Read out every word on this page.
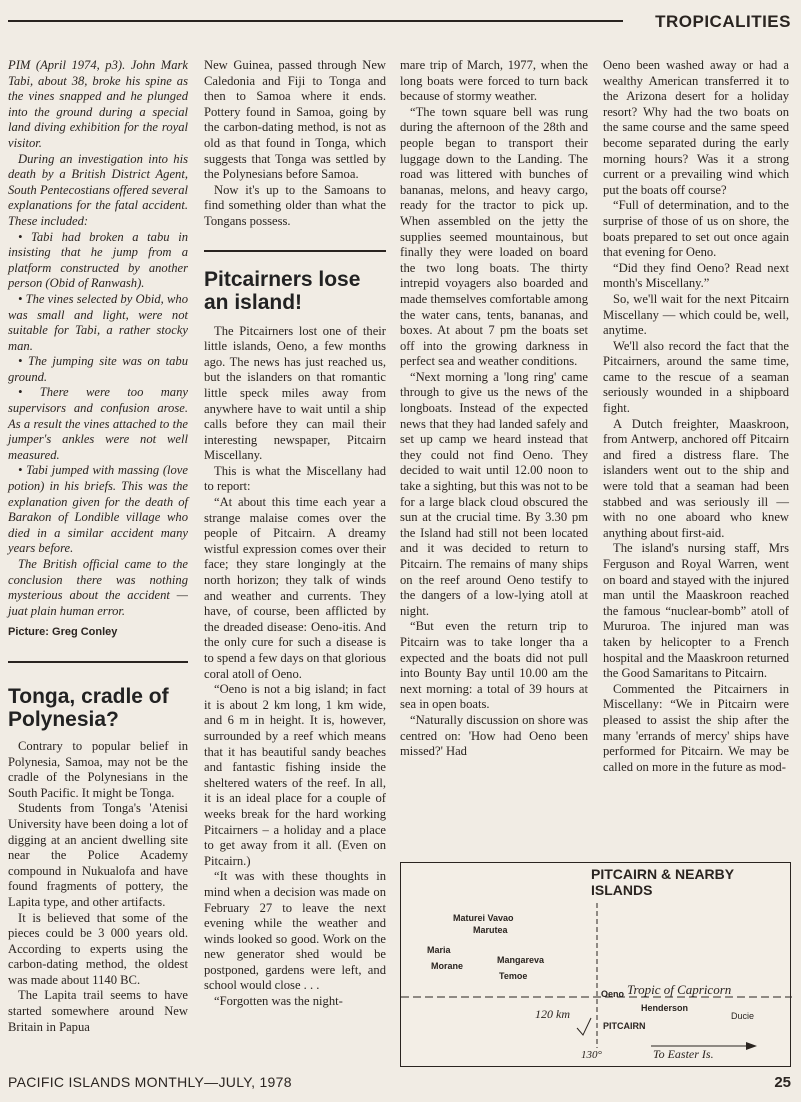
TROPICALITIES

PIM (April 1974, p3). John Mark Tabi, about 38, broke his spine as the vines snapped and he plunged into the ground during a special land diving exhibition for the royal visitor.

During an investigation into his death by a British District Agent, South Pentecostians offered several explanations for the fatal accident. These included:

• Tabi had broken a tabu in insisting that he jump from a platform constructed by another person (Obid of Ranwash).

• The vines selected by Obid, who was small and light, were not suitable for Tabi, a rather stocky man.

• The jumping site was on tabu ground.

• There were too many supervisors and confusion arose. As a result the vines attached to the jumper's ankles were not well measured.

• Tabi jumped with massing (love potion) in his briefs. This was the explanation given for the death of Barakon of Londible village who died in a similar accident many years before.

The British official came to the conclusion there was nothing mysterious about the accident — juat plain human error.

Picture: Greg Conley
Tonga, cradle of Polynesia?

Contrary to popular belief in Polynesia, Samoa, may not be the cradle of the Polynesians in the South Pacific. It might be Tonga.

Students from Tonga's 'Atenisi University have been doing a lot of digging at an ancient dwelling site near the Police Academy compound in Nukualofa and have found fragments of pottery, the Lapita type, and other artifacts.

It is believed that some of the pieces could be 3 000 years old. According to experts using the carbon-dating method, the oldest was made about 1140 BC.

The Lapita trail seems to have started somewhere around New Britain in Papua

New Guinea, passed through New Caledonia and Fiji to Tonga and then to Samoa where it ends. Pottery found in Samoa, going by the carbon-dating method, is not as old as that found in Tonga, which suggests that Tonga was settled by the Polynesians before Samoa.

Now it's up to the Samoans to find something older than what the Tongans possess.

Pitcairners lose an island!

The Pitcairners lost one of their little islands, Oeno, a few months ago. The news has just reached us, but the islanders on that romantic little speck miles away from anywhere have to wait until a ship calls before they can mail their interesting newspaper, Pitcairn Miscellany.

This is what the Miscellany had to report:

“At about this time each year a strange malaise comes over the people of Pitcairn. A dreamy wistful expression comes over their face; they stare longingly at the north horizon; they talk of winds and weather and currents. They have, of course, been afflicted by the dreaded disease: Oeno-itis. And the only cure for such a disease is to spend a few days on that glorious coral atoll of Oeno.

“Oeno is not a big island; in fact it is about 2 km long, 1 km wide, and 6 m in height. It is, however, surrounded by a reef which means that it has beautiful sandy beaches and fantastic fishing inside the sheltered waters of the reef. In all, it is an ideal place for a couple of weeks break for the hard working Pitcairners – a holiday and a place to get away from it all. (Even on Pitcairn.)

“It was with these thoughts in mind when a decision was made on February 27 to leave the next evening while the weather and winds looked so good. Work on the new generator shed would be postponed, gardens were left, and school would close . . .

“Forgotten was the night-

mare trip of March, 1977, when the long boats were forced to turn back because of stormy weather.

“The town square bell was rung during the afternoon of the 28th and people began to transport their luggage down to the Landing. The road was littered with bunches of bananas, melons, and heavy cargo, ready for the tractor to pick up. When assembled on the jetty the supplies seemed mountainous, but finally they were loaded on board the two long boats. The thirty intrepid voyagers also boarded and made themselves comfortable among the water cans, tents, bananas, and boxes. At about 7 pm the boats set off into the growing darkness in perfect sea and weather conditions.

“Next morning a 'long ring' came through to give us the news of the longboats. Instead of the expected news that they had landed safely and set up camp we heard instead that they could not find Oeno. They decided to wait until 12.00 noon to take a sighting, but this was not to be for a large black cloud obscured the sun at the crucial time. By 3.30 pm the Island had still not been located and it was decided to return to Pitcairn. The remains of many ships on the reef around Oeno testify to the dangers of a low-lying atoll at night.

“But even the return trip to Pitcairn was to take longer tha a expected and the boats did not pull into Bounty Bay until 10.00 am the next morning: a total of 39 hours at sea in open boats.

“Naturally discussion on shore was centred on: 'How had Oeno been missed?' Had

Oeno been washed away or had a wealthy American transferred it to the Arizona desert for a holiday resort? Why had the two boats on the same course and the same speed become separated during the early morning hours? Was it a strong current or a prevailing wind which put the boats off course?

“Full of determination, and to the surprise of those of us on shore, the boats prepared to set out once again that evening for Oeno.

“Did they find Oeno? Read next month's Miscellany.”

So, we'll wait for the next Pitcairn Miscellany — which could be, well, anytime.

We'll also record the fact that the Pitcairners, around the same time, came to the rescue of a seaman seriously wounded in a shipboard fight.

A Dutch freighter, Maaskroon, from Antwerp, anchored off Pitcairn and fired a distress flare. The islanders went out to the ship and were told that a seaman had been stabbed and was seriously ill — with no one aboard who knew anything about first-aid.

The island's nursing staff, Mrs Ferguson and Royal Warren, went on board and stayed with the injured man until the Maaskroon reached the famous “nuclear-bomb” atoll of Mururoa. The injured man was taken by helicopter to a French hospital and the Maaskroon returned the Good Samaritans to Pitcairn.

Commented the Pitcairners in Miscellany: “We in Pitcairn were pleased to assist the ship after the many 'errands of mercy' ships have performed for Pitcairn. We may be called on more in the future as mod-

PITCAIRN & NEARBY ISLANDS
Maturei Vavao
Marutea
Maria
Morane
Mangareva
Temoe
Tropic of Capricorn
Oeno
Henderson
Ducie
120 km
PITCAIRN
130°	To Easter Is.
PACIFIC ISLANDS MONTHLY—JULY, 1978	25
